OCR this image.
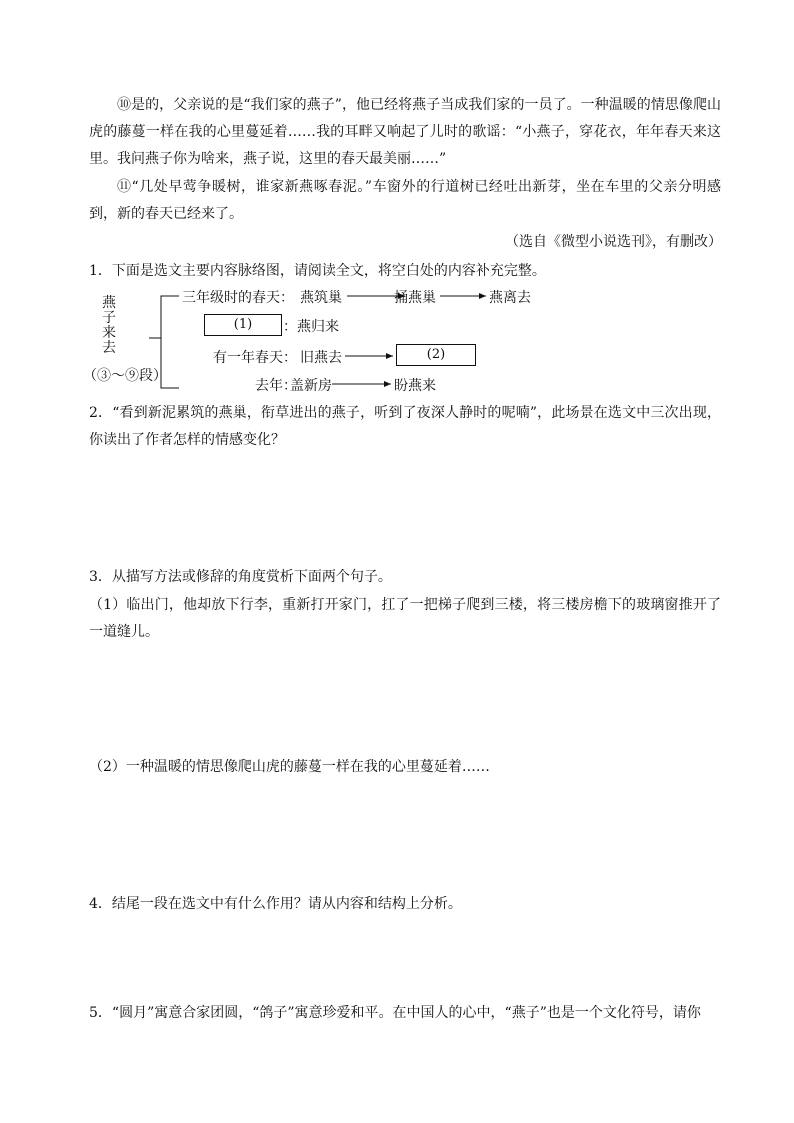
⑩是的，父亲说的是“我们家的燕子”，他已经将燕子当成我们家的一员了。一种温暖的情思像爬山虎的藤蔓一样在我的心里蔓延着……我的耳畔又响起了儿时的歌谣：“小燕子，穿花衣，年年春天来这里。我问燕子你为啥来，燕子说，这里的春天最美丽……”

⑪“几处早莺争暖树，谁家新燕啄春泥。”车窗外的行道树已经吐出新芽，坐在车里的父亲分明感到，新的春天已经来了。

（选自《微型小说选刊》，有删改）

1．下面是选文主要内容脉络图，请阅读全文，将空白处的内容补充完整。

燕子来去
（③～⑨段）
三年级时的春天： 燕筑巢	捅燕巢	燕离去
(1)	：燕归来
有一年春天： 旧燕去	(2)
去年：
盖新房	盼燕来

2．“看到新泥累筑的燕巢，衔草进出的燕子，听到了夜深人静时的呢喃”，此场景在选文中三次出现，你读出了作者怎样的情感变化？

3．从描写方法或修辞的角度赏析下面两个句子。

（1）临出门，他却放下行李，重新打开家门，扛了一把梯子爬到三楼，将三楼房檐下的玻璃窗推开了一道缝儿。

（2）一种温暖的情思像爬山虎的藤蔓一样在我的心里蔓延着……

4．结尾一段在选文中有什么作用？请从内容和结构上分析。

5．“圆月”寓意合家团圆，“鸽子”寓意珍爱和平。在中国人的心中，“燕子”也是一个文化符号，请你
